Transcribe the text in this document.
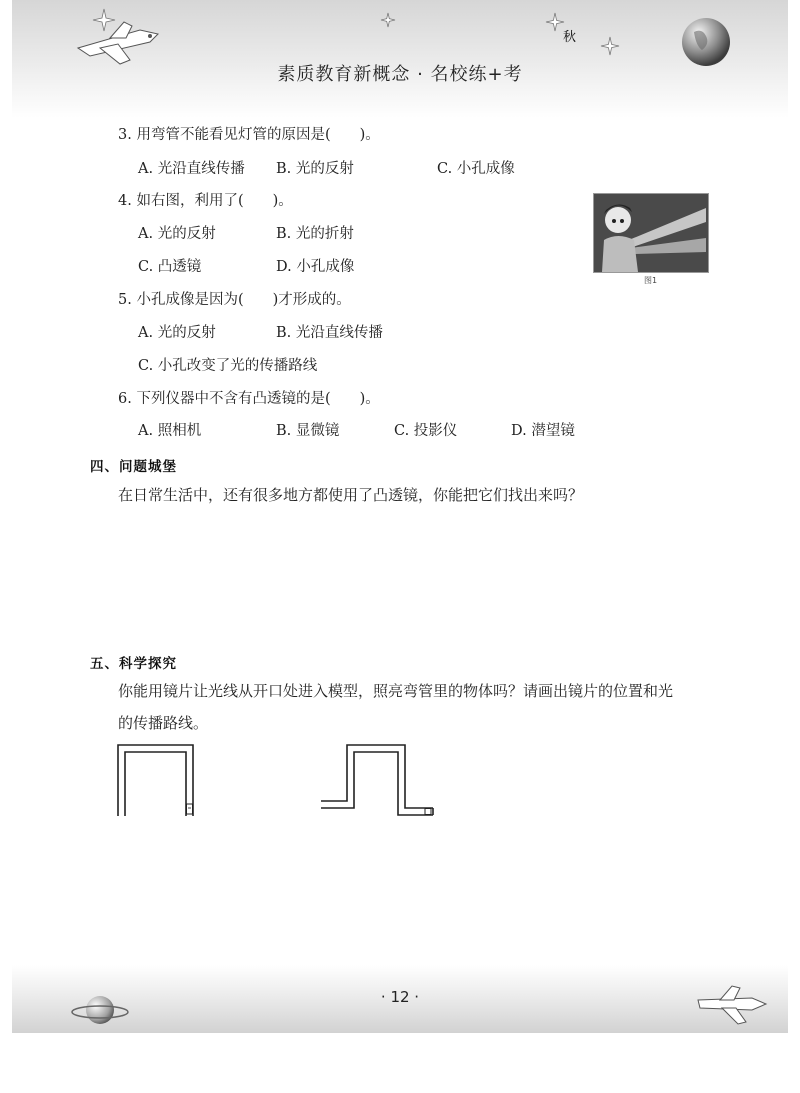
秋
素质教育新概念 · 名校练+考
3. 用弯管不能看见灯管的原因是(　　)。
A. 光沿直线传播 B. 光的反射	C. 小孔成像
4. 如右图，利用了(　　)。
A. 光的反射	B. 光的折射
C. 凸透镜	D. 小孔成像
图1
5. 小孔成像是因为(　　)才形成的。
A. 光的反射	B. 光沿直线传播
C. 小孔改变了光的传播路线
6. 下列仪器中不含有凸透镜的是(　　)。
A. 照相机	B. 显微镜	C. 投影仪	D. 潜望镜
四、问题城堡
在日常生活中，还有很多地方都使用了凸透镜，你能把它们找出来吗？
五、科学探究
你能用镜片让光线从开口处进入模型，照亮弯管里的物体吗？请画出镜片的位置和光
的传播路线。
· 12 ·
